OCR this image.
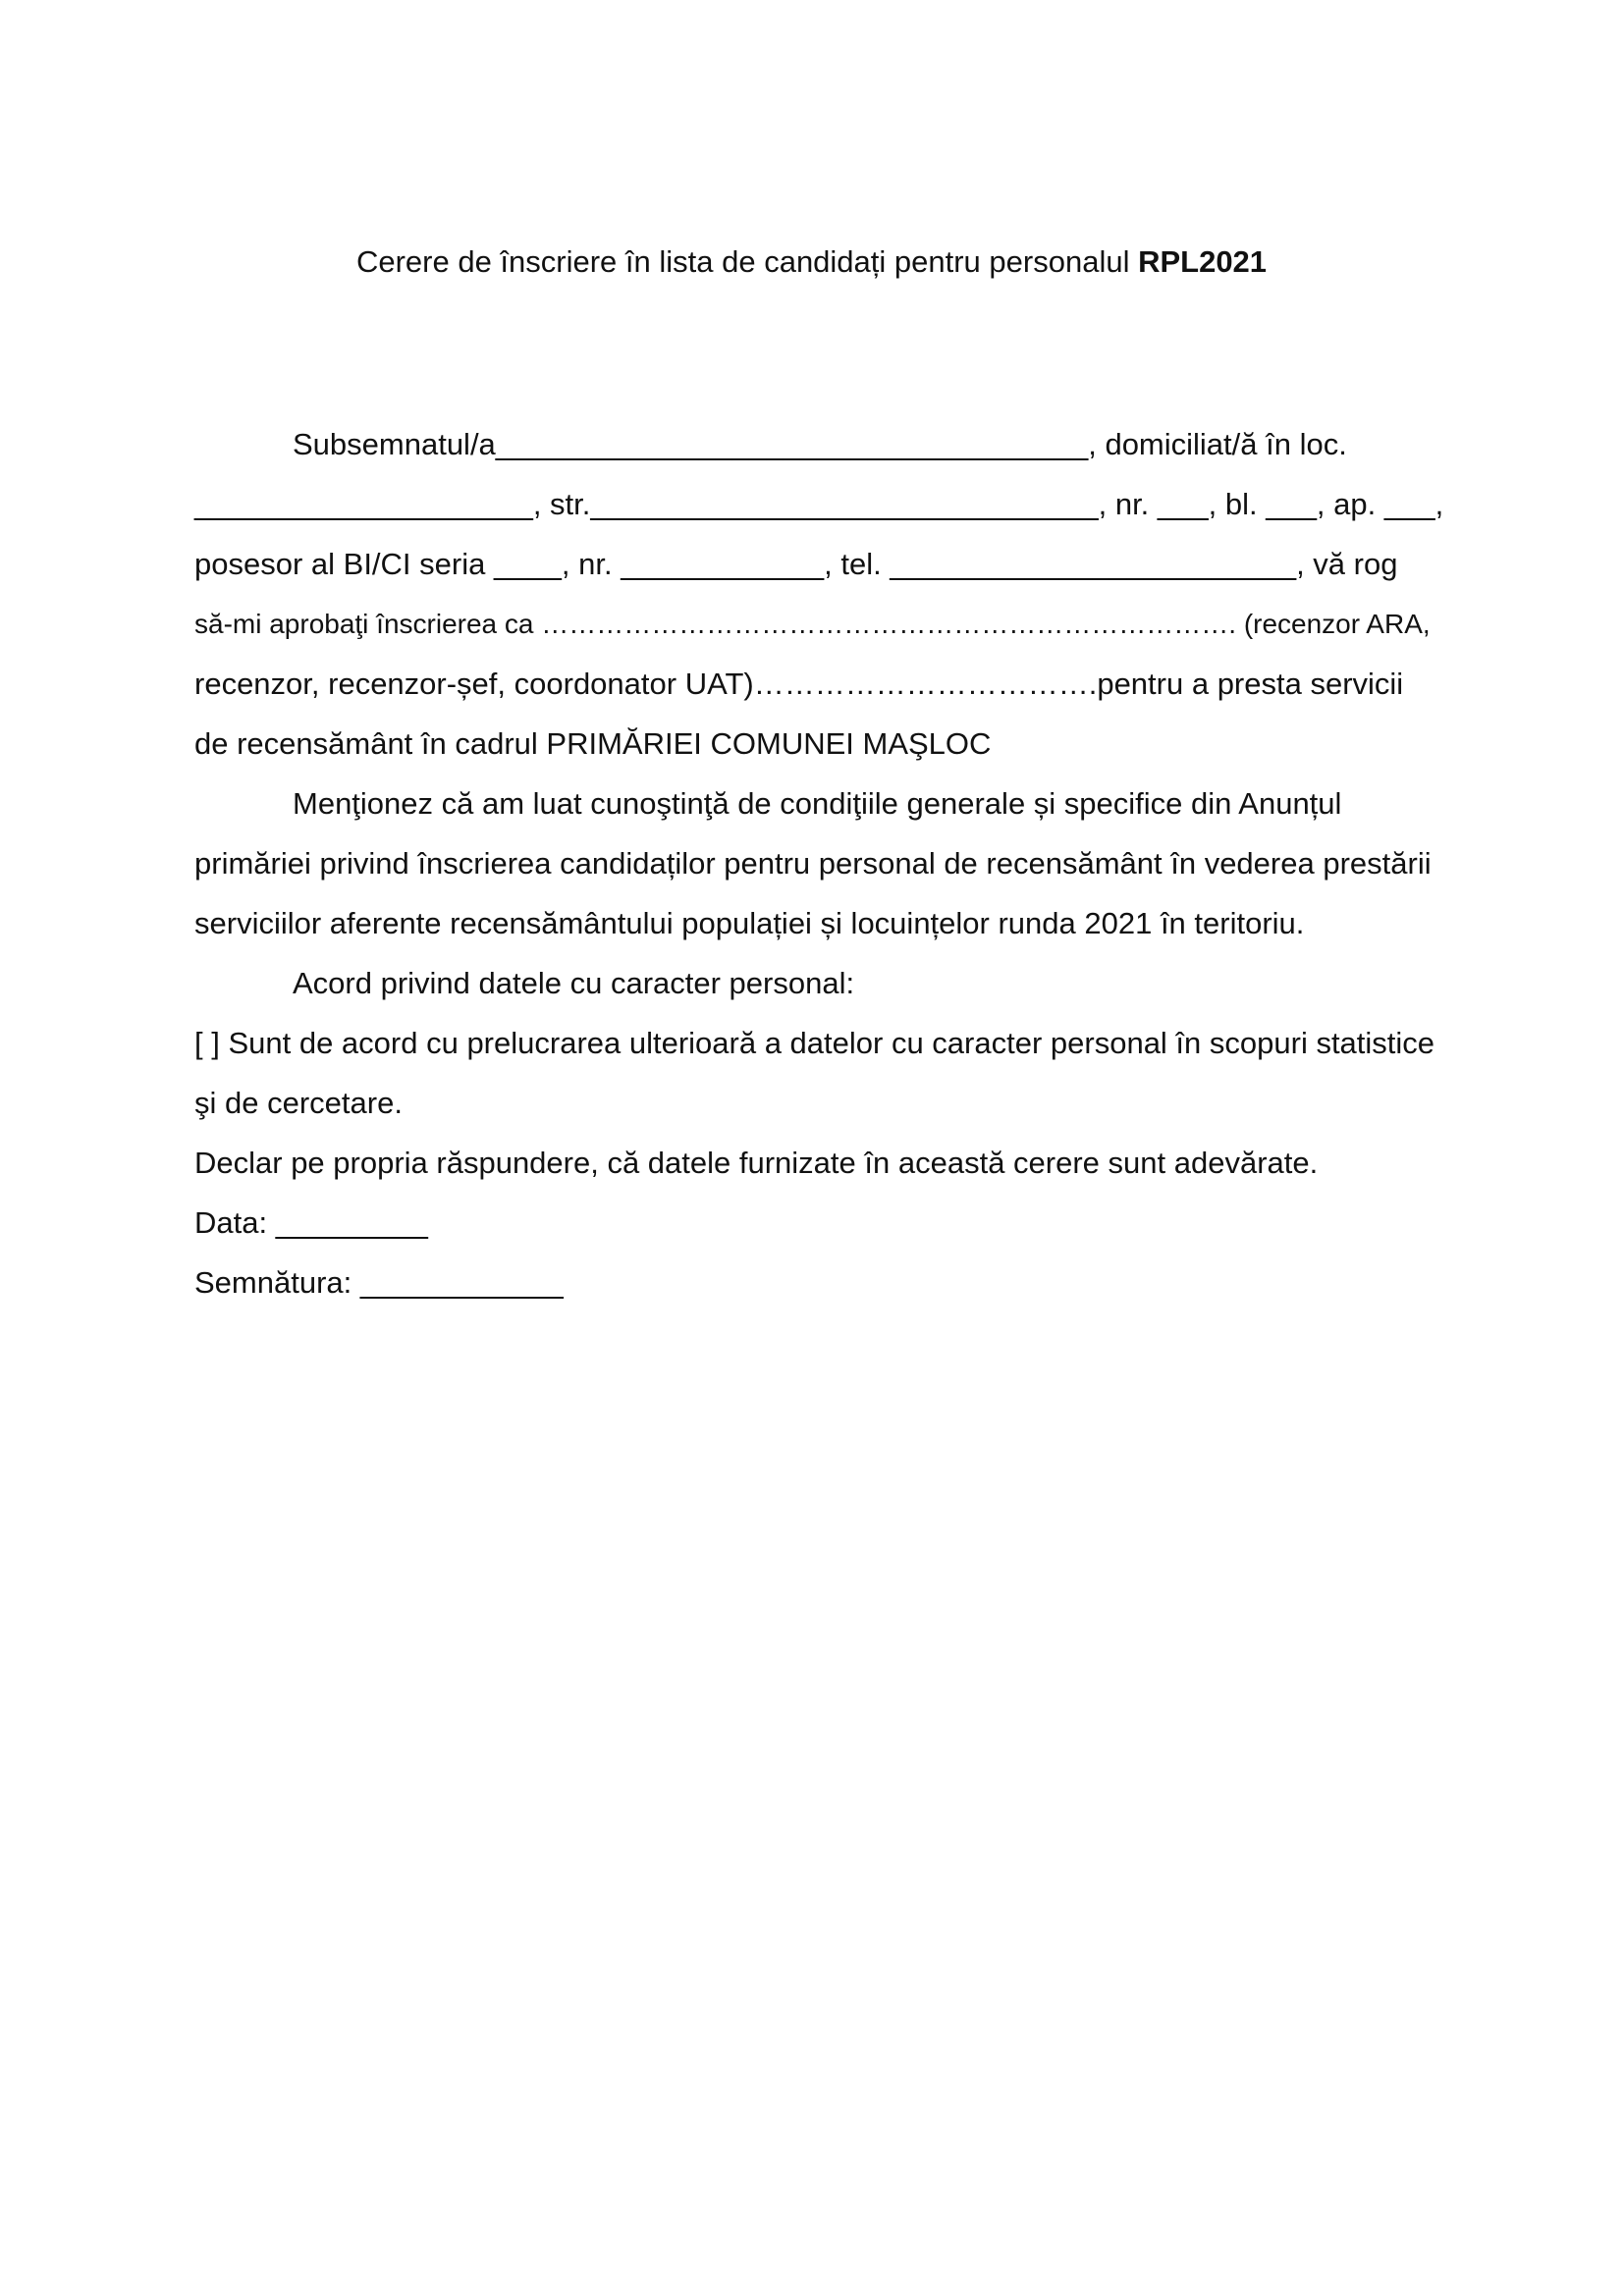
Cerere de înscriere în lista de candidați pentru personalul RPL2021
Subsemnatul/a___________________________________, domiciliat/ă în loc.
____________________, str.______________________________, nr. ___, bl. ___, ap. ___,
posesor al BI/CI seria ____, nr. ____________, tel. ________________________, vă rog
să-mi aprobaţi înscrierea ca …………………………………………………………………. (recenzor ARA,
recenzor, recenzor-șef, coordonator UAT)…………………………….pentru a presta servicii
de recensământ în cadrul PRIMĂRIEI COMUNEI MAŞLOC
Menţionez că am luat cunoştinţă de condiţiile generale și specifice din Anunțul
primăriei privind înscrierea candidaților pentru personal de recensământ în vederea prestării
serviciilor aferente recensământului populației și locuințelor runda 2021 în teritoriu.
Acord privind datele cu caracter personal:
[ ] Sunt de acord cu prelucrarea ulterioară a datelor cu caracter personal în scopuri statistice
şi de cercetare.
Declar pe propria răspundere, că datele furnizate în această cerere sunt adevărate.
Data: _________
Semnătura: ____________
